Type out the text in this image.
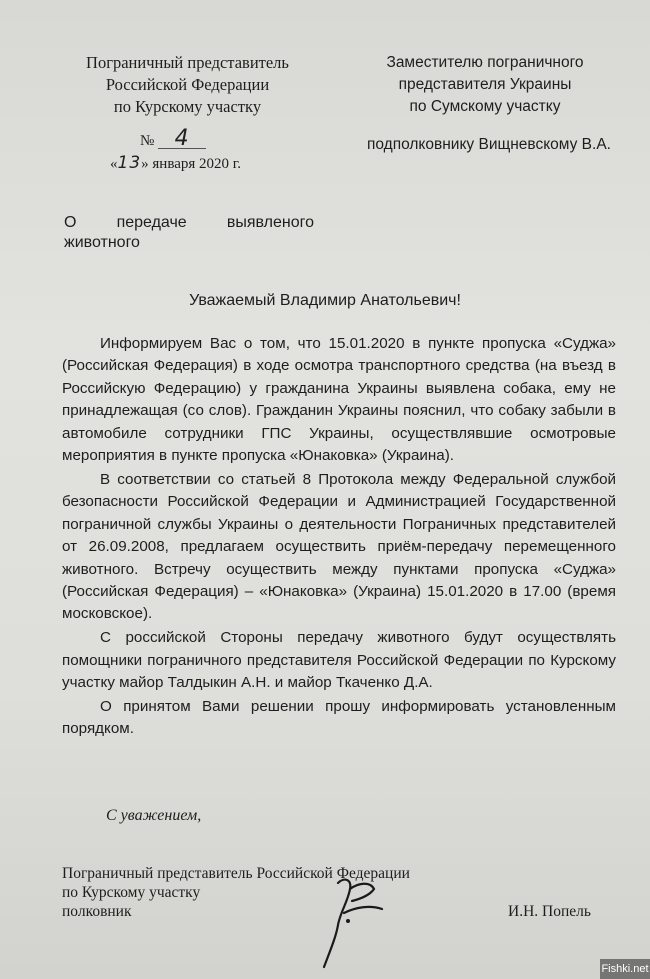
Пограничный представитель
Российской Федерации
по Курскому участку
№ 4
«13» января 2020 г.
Заместителю пограничного
представителя Украины
по Сумскому участку
подполковнику Вищневскому В.А.
О	передаче	выявленого
животного
Уважаемый Владимир Анатольевич!

Информируем Вас о том, что 15.01.2020 в пункте пропуска «Суджа» (Российская Федерация) в ходе осмотра транспортного средства (на въезд в Российскую Федерацию) у гражданина Украины выявлена собака, ему не принадлежащая (со слов). Гражданин Украины пояснил, что собаку забыли в автомобиле сотрудники ГПС Украины, осуществлявшие осмотровые мероприятия в пункте пропуска «Юнаковка» (Украина).

В соответствии со статьей 8 Протокола между Федеральной службой безопасности Российской Федерации и Администрацией Государственной пограничной службы Украины о деятельности Пограничных представителей от 26.09.2008, предлагаем осуществить приём-передачу перемещенного животного. Встречу осуществить между пунктами пропуска «Суджа» (Российская Федерация) – «Юнаковка» (Украина) 15.01.2020 в 17.00 (время московское).

С российской Стороны передачу животного будут осуществлять помощники пограничного представителя Российской Федерации по Курскому участку майор Талдыкин А.Н. и майор Ткаченко Д.А.

О принятом Вами решении прошу информировать установленным порядком.

С уважением,
Пограничный представитель Российской Федерации
по Курскому участку
полковник	И.Н. Попель
Fishki.net
